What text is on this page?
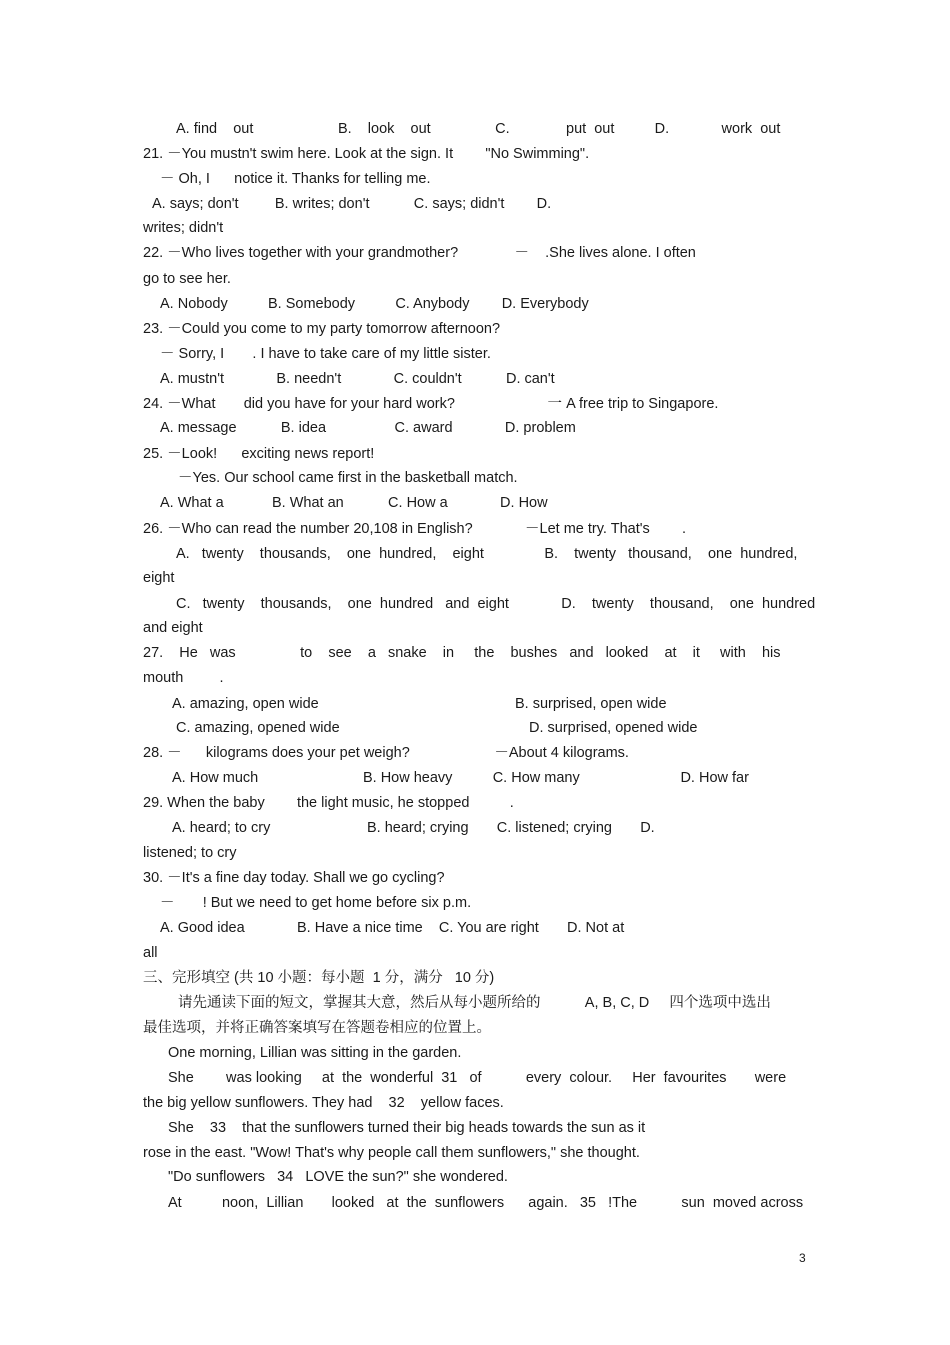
A. find    out                     B.    look    out                C.              put  out          D.             work  out
21. －You mustn't swim here. Look at the sign. It        "No Swimming".
－ Oh, I      notice it. Thanks for telling me.
A. says; don't         B. writes; don't           C. says; didn't        D.
writes; didn't
22. －Who lives together with your grandmother?              －    .She lives alone. I often
go to see her.
A. Nobody          B. Somebody          C. Anybody        D. Everybody
23. －Could you come to my party tomorrow afternoon?
－ Sorry, I       . I have to take care of my little sister.
A. mustn't             B. needn't             C. couldn't           D. can't
24. －What       did you have for your hard work?                       一 A free trip to Singapore.
A. message           B. idea                 C. award             D. problem
25. －Look!      exciting news report!
－Yes. Our school came first in the basketball match.
A. What a            B. What an           C. How a             D. How
26. －Who can read the number 20,108 in English?             －Let me try. That's        .
A.   twenty    thousands,    one  hundred,    eight               B.    twenty   thousand,    one  hundred,
eight
C.   twenty    thousands,    one  hundred   and  eight             D.    twenty    thousand,    one  hundred
and eight
27.    He   was                to    see    a   snake    in     the    bushes   and   looked    at    it     with    his
mouth         .
A. amazing, open wide	B. surprised, open wide
C. amazing, opened wide	D. surprised, opened wide
28. －      kilograms does your pet weigh?                     －About 4 kilograms.
A. How much                          B. How heavy          C. How many                         D. How far
29. When the baby        the light music, he stopped          .
A. heard; to cry                        B. heard; crying       C. listened; crying       D.
listened; to cry
30. －It's a fine day today. Shall we go cycling?
－       ! But we need to get home before six p.m.
A. Good idea             B. Have a nice time    C. You are right       D. Not at
all
三、完形填空 (共 10 小题：每小题  1 分，满分   10 分)
请先通读下面的短文，掌握其大意，然后从每小题所给的           A, B, C, D     四个选项中选出
最佳选项，并将正确答案填写在答题卷相应的位置上。
One morning, Lillian was sitting in the garden.
She        was looking     at  the  wonderful  31   of           every  colour.     Her  favourites       were
the big yellow sunflowers. They had    32    yellow faces.
She    33    that the sunflowers turned their big heads towards the sun as it
rose in the east. "Wow! That's why people call them sunflowers," she thought.
"Do sunflowers   34   LOVE the sun?" she wondered.
At          noon,  Lillian       looked   at  the  sunflowers      again.   35   !The           sun  moved across
3
